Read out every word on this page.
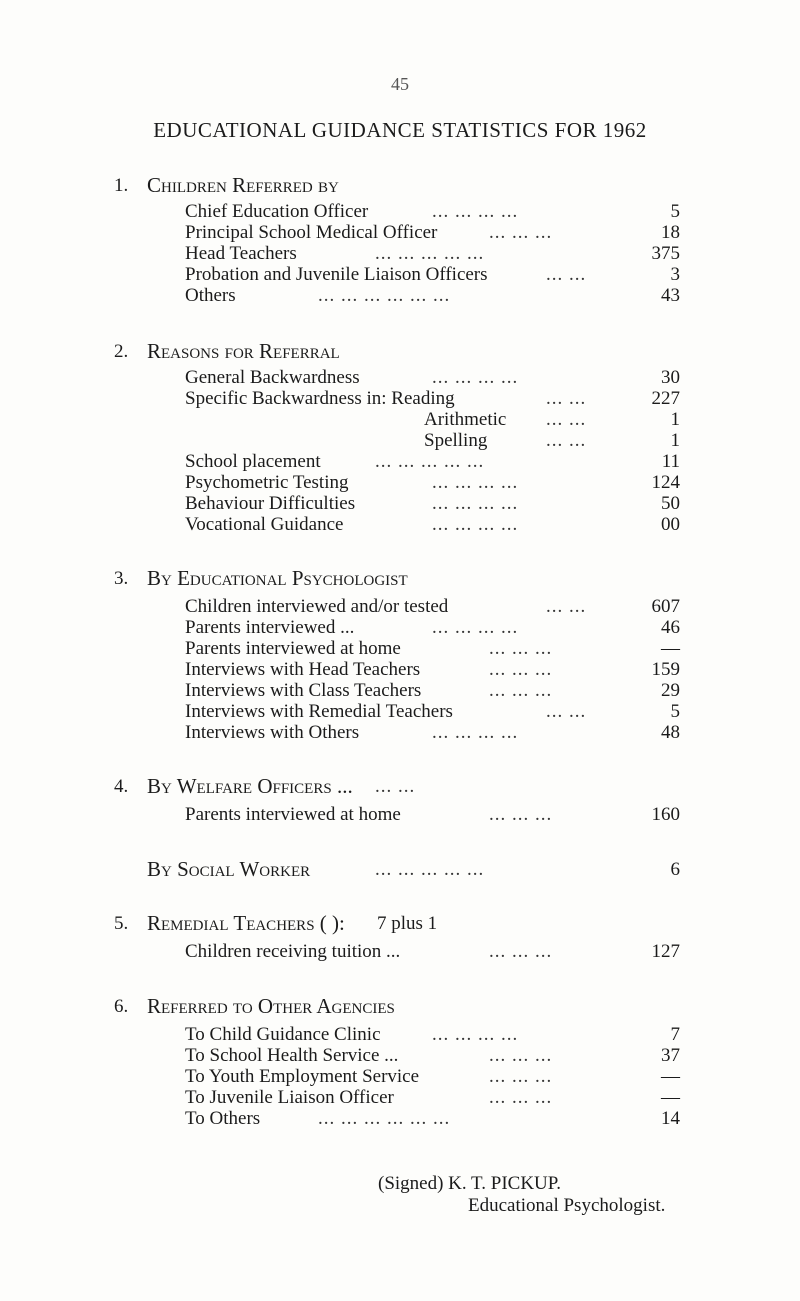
45
EDUCATIONAL GUIDANCE STATISTICS FOR 1962
1. Children Referred by
Chief Education Officer	... ... ... ...	5
Principal School Medical Officer	... ... ...	18
Head Teachers	... ... ... ... ...	375
Probation and Juvenile Liaison Officers	... ...	3
Others	... ... ... ... ... ...	43
2. Reasons for Referral
General Backwardness	... ... ... ...	30
Specific Backwardness in: Reading	... ...	227
Arithmetic ... ...	1
Spelling	... ...	1
School placement	... ... ... ... ...	11
Psychometric Testing	... ... ... ...	124
Behaviour Difficulties	... ... ... ...	50
Vocational Guidance	... ... ... ...	00
3. By Educational Psychologist
Children interviewed and/or tested	... ...	607
Parents interviewed ...	... ... ... ...	46
Parents interviewed at home	... ... ...	—
Interviews with Head Teachers	... ... ...	159
Interviews with Class Teachers	... ... ...	29
Interviews with Remedial Teachers	... ...	5
Interviews with Others	... ... ... ...	48
4. By Welfare Officers ... ... ...
Parents interviewed at home	... ... ...	160
By Social Worker	... ... ... ... ...	6
5. Remedial Teachers ( ): 7 plus 1
Children receiving tuition ...	... ... ...	127
6. Referred to Other Agencies
To Child Guidance Clinic	... ... ... ...	7
To School Health Service ...	... ... ...	37
To Youth Employment Service	... ... ...	—
To Juvenile Liaison Officer	... ... ...	—
To Others	... ... ... ... ... ...	14
(Signed) K. T. PICKUP.
Educational Psychologist.
